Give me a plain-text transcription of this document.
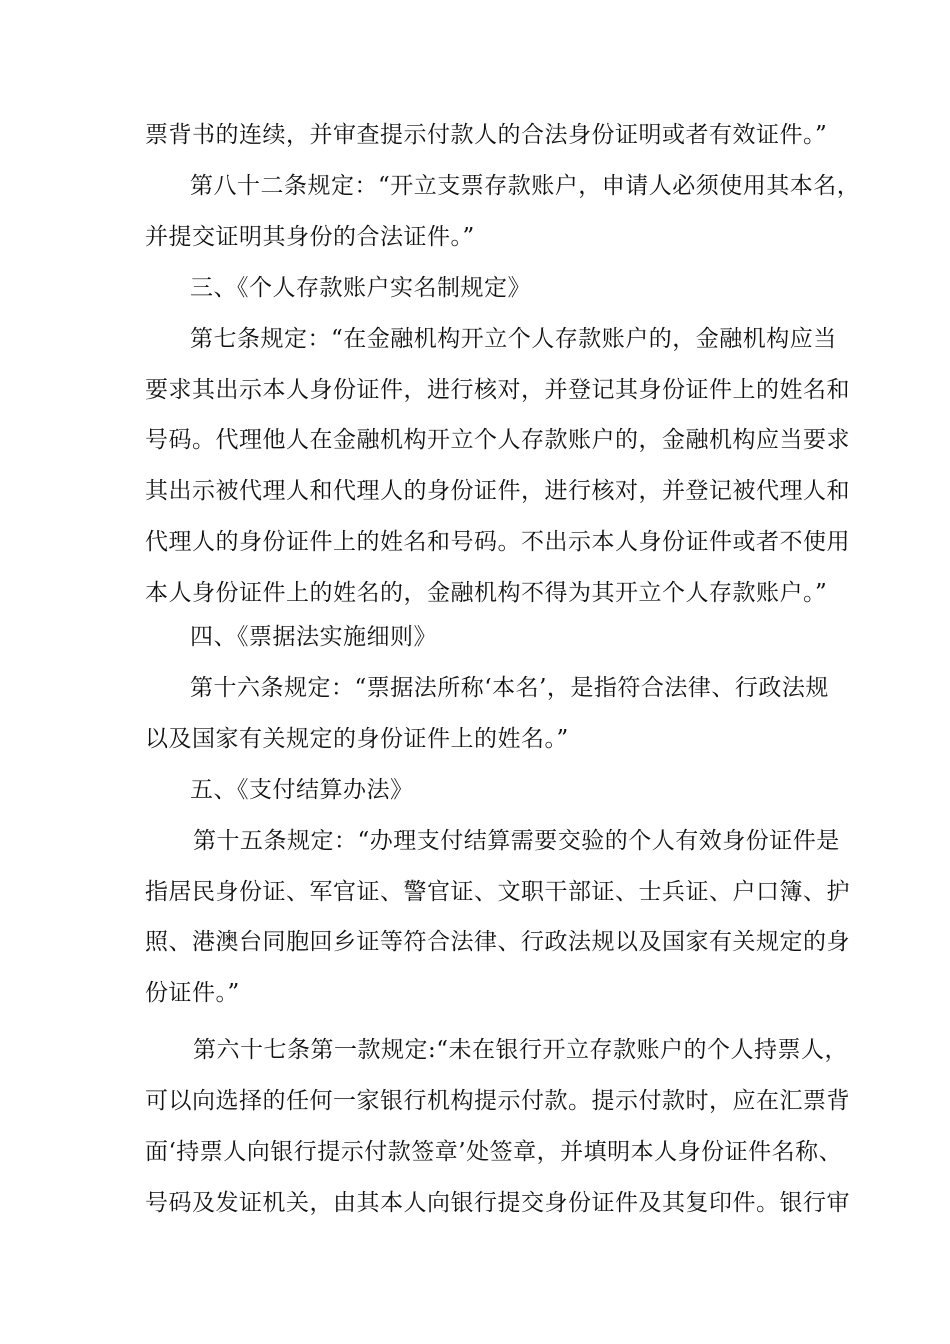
票背书的连续，并审查提示付款人的合法身份证明或者有效证件。”
第八十二条规定：“开立支票存款账户，申请人必须使用其本名，
并提交证明其身份的合法证件。”
三、《个人存款账户实名制规定》
第七条规定：“在金融机构开立个人存款账户的，金融机构应当
要求其出示本人身份证件，进行核对，并登记其身份证件上的姓名和
号码。代理他人在金融机构开立个人存款账户的，金融机构应当要求
其出示被代理人和代理人的身份证件，进行核对，并登记被代理人和
代理人的身份证件上的姓名和号码。不出示本人身份证件或者不使用
本人身份证件上的姓名的，金融机构不得为其开立个人存款账户。”
四、《票据法实施细则》
第十六条规定：“票据法所称‘本名’，是指符合法律、行政法规
以及国家有关规定的身份证件上的姓名。”
五、《支付结算办法》
第十五条规定：“办理支付结算需要交验的个人有效身份证件是
指居民身份证、军官证、警官证、文职干部证、士兵证、户口簿、护
照、港澳台同胞回乡证等符合法律、行政法规以及国家有关规定的身
份证件。”
第六十七条第一款规定:“未在银行开立存款账户的个人持票人，
可以向选择的任何一家银行机构提示付款。提示付款时，应在汇票背
面‘持票人向银行提示付款签章’处签章，并填明本人身份证件名称、
号码及发证机关，由其本人向银行提交身份证件及其复印件。银行审
